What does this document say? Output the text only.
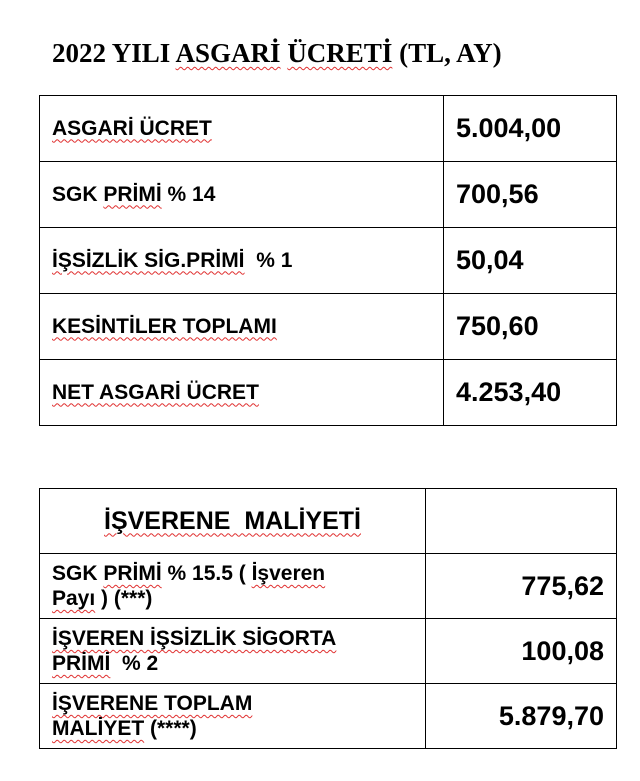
2022 YILI ASGARİ ÜCRETİ (TL, AY)
ASGARİ ÜCRET	5.004,00
SGK PRİMİ % 14	700,56
İŞSİZLİK SİG.PRİMİ  % 1	50,04
KESİNTİLER TOPLAMI	750,60
NET ASGARİ ÜCRET	4.253,40
İŞVERENE  MALİYETİ	
SGK PRİMİ % 15.5 ( İşveren
Payı ) (***)	775,62
İŞVEREN İŞSİZLİK SİGORTA
PRİMİ  % 2	100,08
İŞVERENE TOPLAM
MALİYET (****)	5.879,70
